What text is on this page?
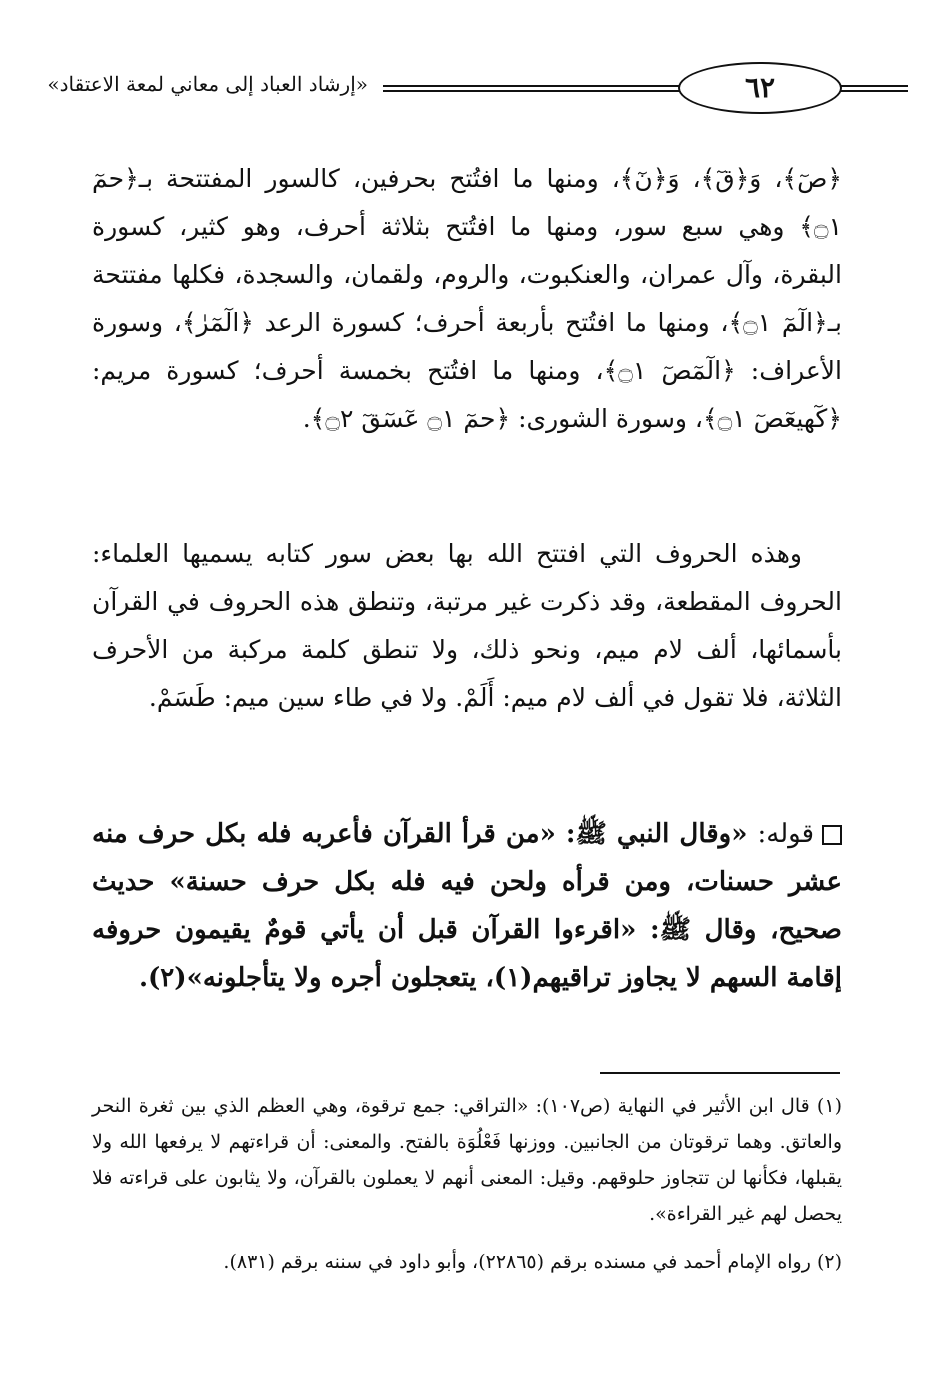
٦٢
«إرشاد العباد إلى معاني لمعة الاعتقاد»
﴿صٓ﴾، وَ﴿قٓ﴾، وَ﴿نٓ﴾، ومنها ما افتُتح بحرفين، كالسور المفتتحة بـ﴿حمٓ ۝١﴾ وهي سبع سور، ومنها ما افتُتح بثلاثة أحرف، وهو كثير، كسورة البقرة، وآل عمران، والعنكبوت، والروم، ولقمان، والسجدة، فكلها مفتتحة بـ﴿الٓمٓ ۝١﴾، ومنها ما افتُتح بأربعة أحرف؛ كسورة الرعد ﴿الٓمٓرٰ﴾، وسورة الأعراف: ﴿الٓمٓصٓ ۝١﴾، ومنها ما افتُتح بخمسة أحرف؛ كسورة مريم: ﴿كٓهيعٓصٓ ۝١﴾، وسورة الشورى: ﴿حمٓ ۝١ عٓسٓقٓ ۝٢﴾.
وهذه الحروف التي افتتح الله بها بعض سور كتابه يسميها العلماء: الحروف المقطعة، وقد ذكرت غير مرتبة، وتنطق هذه الحروف في القرآن بأسمائها، ألف لام ميم، ونحو ذلك، ولا تنطق كلمة مركبة من الأحرف الثلاثة، فلا تقول في ألف لام ميم: أَلَمْ. ولا في طاء سين ميم: طَسَمْ.
قوله: «وقال النبي ﷺ: «من قرأ القرآن فأعربه فله بكل حرف منه عشر حسنات، ومن قرأه ولحن فيه فله بكل حرف حسنة» حديث صحيح، وقال ﷺ: «اقرءوا القرآن قبل أن يأتي قومٌ يقيمون حروفه إقامة السهم لا يجاوز تراقيهم(١)، يتعجلون أجره ولا يتأجلونه»(٢).

(١) قال ابن الأثير في النهاية (ص١٠٧): «التراقي: جمع ترقوة، وهي العظم الذي بين ثغرة النحر والعاتق. وهما ترقوتان من الجانبين. ووزنها فَعْلُوَة بالفتح. والمعنى: أن قراءتهم لا يرفعها الله ولا يقبلها، فكأنها لن تتجاوز حلوقهم. وقيل: المعنى أنهم لا يعملون بالقرآن، ولا يثابون على قراءته فلا يحصل لهم غير القراءة».

(٢) رواه الإمام أحمد في مسنده برقم (٢٢٨٦٥)، وأبو داود في سننه برقم (٨٣١).
